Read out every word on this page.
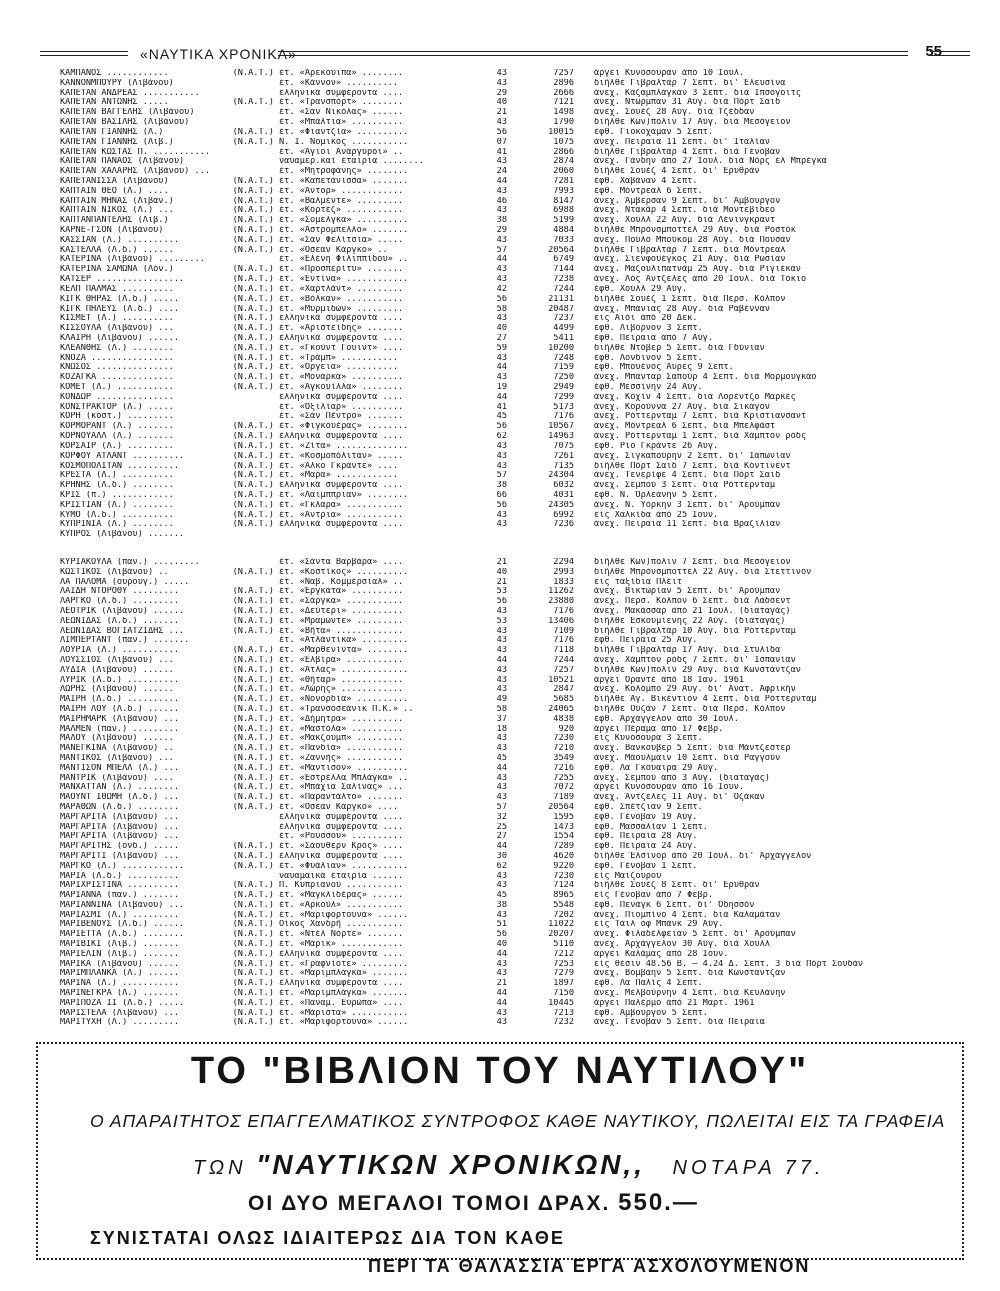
«ΝΑΥΤΙΚΑ ΧΡΟΝΙΚΑ»	55
ΚΑΜΠΑΝΟΣ ............	(Ν.Α.Τ.) ἐτ. «Ἀρεκούϊπα» ........	43	7257 ἀργεῖ Κυνόσουραν ἀπὸ 10 Ἰουλ.
ΚΑΝΝΟΝΜΠΟΥΡΥ (Λιβάνου)	ἐτ. «Κάννον» ..........	43	2896 διῆλθε Γιβραλτὰρ 7 Σεπτ. δι' Ἐλευσίνα
ΚΑΠΕΤΑΝ ΑΝΔΡΕΑΣ ...........	ἑλληνικὰ συμφέροντα ....	29	2666 ἀνεχ. Καζαμπλάγκαν 3 Σεπτ. διὰ Ἰπσογοΐτς
ΚΑΠΕΤΑΝ ΑΝΤΩΝΗΣ .....	(Ν.Α.Τ.) ἐτ. «Τρανσπόρτ» ........	40	7121 ἀνεχ. Ντῶρμπαν 31 Αὐγ. διὰ Πὸρτ Σαΐδ
ΚΑΠΕΤΑΝ ΒΑΓΓΕΛΗΣ (Λιβάνου)	ἐτ. «Σὰν Νικόλας» ......	21	1498 ἀνεχ. Σουὲζ 28 Αὐγ. διὰ Τζέδδαν
ΚΑΠΕΤΑΝ ΒΑΣΙΛΗΣ (Λιβάνου)	ἐτ. «Μπάλτια» ..........	43	1790 διῆλθε Κων)πολιν 17 Αὐγ. διὰ Μεσόγειον
ΚΑΠΕΤΑΝ ΓΙΑΝΝΗΣ (Λ.)	(Ν.Α.Τ.) ἐτ. «Φιαντζία» ..........	56	10015 ἐφθ. Γιοκοχάμαν 5 Σεπτ.
ΚΑΠΕΤΑΝ ΓΙΑΝΝΗΣ (Λιβ.)	(Ν.Α.Τ.) Ν. Ι. Νομικὸς ...........	07	1075 ἀνεχ. Πειραιᾶ 11 Σεπτ. δι' Ἰταλίαν
ΚΑΠΕΤΑΝ ΚΩΣΤΑΣ Π. ...........	ἐτ. «Ἅγιοι Ἀνάργυροι» ..	41	2866 διῆλθε Γιβραλτὰρ 4 Σεπτ. διὰ Γένοβαν
ΚΑΠΕΤΑΝ ΠΑΝΑΟΣ (Λιβάνου)	ναυαμερ.καὶ ἐταιρία ........	43	2874 ἀνεχ. Γάνδην ἀπὸ 27 Ἰουλ. διὰ Νὸρς ἐλ Μπρέγκα
ΚΑΠΕΤΑΝ ΧΑΛΑΡΗΣ (Λιβάνου) ...	ἐτ. «Μητροφάνης» ........	24	2060 διῆλθε Σουὲζ 4 Σεπτ. δι' Ἐρυθρὰν
ΚΑΠΕΤΑΝΙΣΣΑ (Λιβάνου)	(Ν.Α.Τ.) ἐτ. «Καπετάνισσα» .......	44	7281 ἐφθ. Χαβάναν 4 Σεπτ.
ΚΑΠΤΑΙΝ ΘΕΟ (Λ.) ....	(Ν.Α.Τ.) ἐτ. «Ἄντορ» ............	43	7993 ἐφθ. Μόντρεαλ 6 Σεπτ.
ΚΑΠΤΑΙΝ ΜΗΝΑΣ (Λιβάν.)	(Ν.Α.Τ.) ἐτ. «Βαλμέντε» .........	46	8147 ἀνεχ. Ἄμβερσαν 9 Σεπτ. δι' Ἀμβοῦργον
ΚΑΠΤΑΙΝ ΝΙΚΟΣ (Λ.) ...	(Ν.Α.Τ.) ἐτ. «Κορτέζ» ...........	43	6988 ἀνεχ. Ντακὰρ 4 Σεπτ. διὰ Μοντεβίδεο
ΚΑΠΤΑΝΠΑΝΤΕΛΗΣ (Λιβ.)	(Ν.Α.Τ.) ἐτ. «Σομελγκα» ..........	38	5199 ἀνεχ. Χοὐλλ 22 Αὐγ. διὰ Λένινγκραντ
ΚΑΡΝΕ-ΓΣΟΝ (Λιβάνου)	(Ν.Α.Τ.) ἐτ. «Ἀστρομπελλο» .......	29	4884 διῆλθε Μπρόνσμποττελ 29 Αὐγ. διὰ Ροστὸκ
ΚΑΣΣΙΑΝ (Λ.) ..........	(Ν.Α.Τ.) ἐτ. «Σὰν Φελίτσια» .....	43	7033 ἀνεχ. Πούλο Μπούκομ 28 Αὐγ. διὰ Πουσὰν
ΚΑΣΤΕΛΛΑ (Λ.δ.) ......	(Ν.Α.Τ.) ἐτ. «Ὄσεαν Κάργκο» ..	57	20564 διῆλθε Γιβραλτὰρ 7 Σεπτ. διὰ Μόντρεαλ
ΚΑΤΕΡΙΝΑ (Λιβάνου) .........	ἐτ. «Ἐλένη Φιλιππίδου» ..	44	6749 ἀνεχ. Σιενφουέγκος 21 Αὐγ. διὰ Ρωσίαν
ΚΑΤΕΡΙΝΑ ΣΑΜΩΝΑ (Λόν.)	(Ν.Α.Τ.) ἐτ. «Προσπερίτυ» .......	43	7144 ἀνεχ. Μαζουλιπατνὰμ 25 Αὐγ. διὰ Ριγιέκαν
ΚΑΤΣΕΡ .................	(Ν.Α.Τ.) ἐτ. «Ἐντίνα» ............	43	7238 ἀνεχ. Λὸς Ἄντζελες ἀπὸ 20 Ἰουλ. διὰ Τόκιο
ΚΕΛΠ ΠΑΛΜΑΣ ..........	(Ν.Α.Τ.) ἐτ. «Χαρτλάντ» .........	42	7244 ἐφθ. Χοὐλλ 29 Αὐγ.
ΚΙΓΚ ΘΗΡΑΣ (Λ.δ.) .....	(Ν.Α.Τ.) ἐτ. «Βόλκαν» ...........	56	21131 διῆλθε Σουὲζ 1 Σεπτ. διὰ Περσ. Κόλπον
ΚΙΓΚ ΠΗΛΕΥΣ (Λ.δ.) ....	(Ν.Α.Τ.) ἐτ. «Μυρμιδὼν» .........	58	20487 ἀνεχ. Μπάνιας 28 Αὐγ. διὰ Ραβένναν
ΚΙΣΜΕΤ (Λ.) ..........	(Ν.Α.Τ.) ἑλληνικὰ συμφέροντα ....	43	7237 εἰς Ἀϊὸϊ ἀπὸ 20 Δεκ.
ΚΙΣΣΟΥΛΑ (Λιβάνου) ...	(Ν.Α.Τ.) ἐτ. «Ἀριστείδης» .......	40	4499 ἐφθ. Λιβόρνον 3 Σεπτ.
ΚΛΑΙΡΗ (Λιβάνου) ......	(Ν.Α.Τ.) ἑλληνικὰ συμφέροντα ....	27	5411 ἐφθ. Πειραιᾶ ἀπὸ 7 Αὐγ.
ΚΛΕΑΝΘΗΣ (Λ.) ........	(Ν.Α.Τ.) ἐτ. «Γκοὺντ Γουϊντ» ....	59	10200 διῆλθε Ντόβερ 5 Σεπτ. διὰ Γδύνιαν
ΚΝΟΖΑ ................	(Ν.Α.Τ.) ἐτ. «Τράμπ» ...........	43	7248 ἐφθ. Λονδῖνον 5 Σεπτ.
ΚΝΩΣΟΣ ...............	(Ν.Α.Τ.) ἐτ. «Ὀργεια» ..........	44	7159 ἐφθ. Μπουένος Ἄϋρες 9 Σεπτ.
ΚΟΖΑΓΚΑ ..............	(Ν.Α.Τ.) ἐτ. «Μονάρκα» ..........	43	7250 ἀνεχ. Μπανταρ Σαποὺρ 4 Σεπτ. διὰ Μορμουγκάο
ΚΟΜΕΤ (Λ.) ...........	(Ν.Α.Τ.) ἐτ. «Ἀγκουίλλα» ........	19	2949 ἐφθ. Μεσσίνην 24 Αὐγ.
ΚΟΝΔΩΡ ...............	ἑλληνικὰ συμφέροντα ....	44	7299 ἀνεχ. Κοχὶν 4 Σεπτ. διὰ Λορέντζο Μαρκὲς
ΚΟΝΣΤΡΑΚΤΟΡ (Λ.) .....	ἐτ. «Ὀξιλίαρ» ..........	41	5173 ἀνεχ. Κορούννα 27 Αὐγ. διὰ Σικάγον
ΚΟΡΗ (κοστ.) .........	ἐτ. «Σὰν Πέντρο» .......	45	7176 ἀνεχ. Ρόττερνταμ 7 Σεπτ. διὰ Κριστιανσαντ
ΚΟΡΜΟΡΑΝΤ (Λ.) .......	(Ν.Α.Τ.) ἐτ. «Φιγκουέρας» ........	56	10567 ἀνεχ. Μόντρεαλ 6 Σεπτ. διὰ Μπελφάστ
ΚΟΡΝΟΥΑΛΛ (Λ.) .......	(Ν.Α.Τ.) ἑλληνικὰ συμφέροντα ....	62	14963 ἀνεχ. Ρόττερνταμ 1 Σεπτ. διὰ Χάμπτον ρόδς
ΚΟΡΣΑΙΡ (Λ.) .........	(Ν.Α.Τ.) ἐτ. «Ζίτα» ..............	43	7075 ἐφθ. Ρίο Γκράντε 26 Αὐγ.
ΚΟΡΦΟΥ ΑΤΛΑΝΤ ..........	(Ν.Α.Τ.) ἐτ. «Κοσμοπόλιταν» .....	43	7261 ἀνεχ. Σιγκαπούρην 2 Σεπτ. δι' Ἰαπωνίαν
ΚΟΣΜΟΠΟΛΙΤΑΝ ..........	(Ν.Α.Τ.) ἐτ. «Ἄλκο Γκράντε» ....	43	7135 διῆλθε Πὸρτ Σαΐδ 7 Σεπτ. διὰ Κόντινεντ
ΚΡΕΣΤΑ (Λ.) ..........	(Ν.Α.Τ.) ἐτ. «Μαρα» ............	57	24304 ἀνεχ. Τενερίφε 4 Σεπτ. διὰ Πὸρτ Σαΐδ
ΚΡΗΝΗΣ (Λ.δ.) ........	(Ν.Α.Τ.) ἑλληνικὰ συμφέροντα ....	38	6032 ἀνεχ. Σεμπού 3 Σεπτ. διὰ Ρόττερνταμ
ΚΡΙΣ (π.) ............	(Ν.Α.Τ.) ἐτ. «Λαιμππριαν» ........	66	4031 ἐφθ. Ν. Ὀρλεάνην 5 Σεπτ.
ΚΡΙΣΤΙΑΝ (Λ.) ........	(Ν.Α.Τ.) ἐτ. «Γκλάρα» ...........	56	24305 ἀνεχ. Ν. Ὑόρκην 3 Σεπτ. δι' Ἀρούμπαν
ΚΥΜΟ (Λ.δ.) ..........	(Ν.Α.Τ.) ἐτ. «Ἀντρια» ...........	43	6992 εἰς Χαλκίδα ἀπὸ 25 Ἰουν.
ΚΥΠΡΙΝΙΑ (Λ.) ........	(Ν.Α.Τ.) ἑλληνικὰ συμφέροντα ....	43	7236 ἀνεχ. Πειραιᾶ 11 Σεπτ. διὰ Βραζιλίαν
ΚΥΠΡΟΣ (Λιβάνου) .......
ΚΥΡΙΑΚΟΥΛΑ (παν.) .........	ἐτ. «Σάντα Βαρβάρα» ....	21	2294 διῆλθε Κων)πολιν 7 Σεπτ. διὰ Μεσόγειον
ΚΩΣΤΙΚΟΣ (Λιβάνου) ..	(Ν.Α.Τ.) ἐτ. «Κοστίκος» ..........	40	2993 διῆλθε Μπρόνσμποττελ 22 Αὐγ. διὰ Στεττῖνον
ΛΑ ΠΑΛΟΜΑ (ουρουγ.) .....	ἐτ. «Ναβ. Κομμέρσιαλ» ..	21	1833 εἰς ταξίδια Πλέϊτ
ΛΑΙΔΗ ΝΤΟΡΟΘΥ .........	(Ν.Α.Τ.) ἐτ. «Ἐργκάτα» ..........	53	11262 ἀνεχ. Βικτώρίαν 5 Σεπτ. δι' Ἀρούμπαν
ΛΑΡΓΚΟ (Λ.δ.) .........	(Ν.Α.Τ.) ἐτ. «Σάργκα» ...........	56	23880 ἀνεχ. Περσ. Κόλπον 6 Σεπτ. διὰ Λάδσεντ
ΛΕΟΤΡΙΚ (Λιβάνου) ......	(Ν.Α.Τ.) ἐτ. «Δεύτερι» ..........	43	7176 ἀνεχ. Μακάσσαρ ἀπὸ 21 Ἰουλ. (διαταγὰς)
ΛΕΩΝΙΔΑΣ (Λ.δ.) .......	(Ν.Α.Τ.) ἐτ. «Μραμώντε» .........	53	13406 διῆλθε Ἐσκουμίενης 22 Αὐγ. (διαταγὰς)
ΛΕΩΝΙΔΑΣ ΒΟΓΙΑΤΖΙΔΗΣ ...	(Ν.Α.Τ.) ἐτ. «Βῆτα» .............	43	7109 διῆλθε Γιβραλτὰρ 10 Αὐγ. διὰ Ρόττερνταμ
ΛΙΜΠΕΡΤΑΝΤ (παν.) .......	ἐτ. «Ἀτλάντικα» .........	43	7176 ἐφθ. Πειραιᾶ 25 Αὐγ.
ΛΟΥΡΙΑ (Λ.) ...........	(Ν.Α.Τ.) ἐτ. «Μαρθενίντα» ........	43	7118 διῆλθε Γιβραλτὰρ 17 Αὐγ. διὰ Στυλίδα
ΛΟΥΣΣΙΟΣ (Λιβάνου) ...	(Ν.Α.Τ.) ἐτ. «Ἐλβίρα» ...........	44	7244 ἀνεχ. Χάμπτον ρόδς 7 Σεπτ. δι' Ἰσπανίαν
ΛΥΔΙΑ (Λιβάνου) ......	(Ν.Α.Τ.) ἐτ. «Ἄτλας» .............	43	7257 διῆλθε Κων)πολιν 29 Αὐγ. διὰ Κωνστάντζαν
ΛΥΡΙΚ (Λ.δ.) ..........	(Ν.Α.Τ.) ἐτ. «Θῆταρ» ............	43	10521 ἀργεῖ Ὀραντὲ ἀπὸ 18 Ἰαν. 1961
ΛΩΡΗΣ (Λιβάνου) ......	(Ν.Α.Τ.) ἐτ. «Λώρης» ............	43	2847 ἀνεχ. Κολόμπο 29 Αὐγ. δι' Ἀνατ. Ἀφρικὴν
ΜΑΙΡΗ (Λ.δ.) ..........	(Ν.Α.Τ.) ἐτ. «Νονορδία» ..........	49	5685 διῆλθε Ἅγ. Βικέντιον 4 Σεπτ. διὰ Ρόττερνταμ
ΜΑΙΡΗ ΛΟΥ (Λ.δ.) ......	(Ν.Α.Τ.) ἐτ. «Τρανσοσεάνικ Π.Κ.» ..	58	24065 διῆλθε Οὐζὰν 7 Σεπτ. διὰ Περσ. Κόλπον
ΜΑΙΡΗΜΑΡΚ (Λιβάνου) ...	(Ν.Α.Τ.) ἐτ. «Δήμητρα» ..........	37	4838 ἐφθ. Ἀρχάγγελον ἀπὸ 30 Ἰουλ.
ΜΑΛΜΕΝ (παν.) .........	(Ν.Α.Τ.) ἐτ. «Μαστόλα» ..........	18	920 ἀργεῖ Πέραμα ἀπὸ 17 Φεβρ.
ΜΑΛΟΥ (Λιβάνου) ......	(Ν.Α.Τ.) ἐτ. «Μακζουμπ» .........	43	7230 εἰς Κυνόσουρα 3 Σεπτ.
ΜΑΝΕΓΚΙΝΑ (Λιβάνου) ..	(Ν.Α.Τ.) ἐτ. «Πανδία» ...........	43	7210 ἀνεχ. Βανκοῦβερ 5 Σεπτ. διὰ Μάντζεστερ
ΜΑΝΤΙΚΟΣ (Λιβάνου) ...	(Ν.Α.Τ.) ἐτ. «Ζαννής» ...........	45	3549 ἀνεχ. Μάουλμαιν 10 Σεπτ. διὰ Ραγγοὺν
ΜΑΝΤΙΣΟΝ ΜΠΕΛΛ (Λ.) ...	(Ν.Α.Τ.) ἐτ. «Μαντισον» ..........	44	7216 ἐφθ. Λᾶ Γκουαϊρα 29 Αὐγ.
ΜΑΝΤΡΙΚ (Λιβάνου) ....	(Ν.Α.Τ.) ἐτ. «Ἐστρέλλα Μπλάγκα» ..	43	7255 ἀνεχ. Σεμπού ἀπὸ 3 Αὐγ. (διαταγὰς)
ΜΑΝΧΑΤΤΑΝ (Λ.) ........	(Ν.Α.Τ.) ἐτ. «Μπάχια Σαλίνας» ...	43	7072 ἀργεῖ Κυνόσουραν ἀπὸ 16 Ἰουν.
ΜΑΟΥΝΤ ΙΘΩΜΗ (Λ.δ.) ...	(Ν.Α.Τ.) ἐτ. «Παραντάλτο» .......	43	7189 ἀνεχ. Ἄντζελες 11 Αὐγ. δι' Ὀζάκαν
ΜΑΡΑΘΩΝ (Λ.δ.) ........	(Ν.Α.Τ.) ἐτ. «Ὄσεαν Κάργκο» ....	57	20564 ἐφθ. Σπέτζιαν 9 Σεπτ.
ΜΑΡΓΑΡΙΤΑ (Λιβάνου) ...	ἑλληνικὰ συμφέροντα ....	32	1595 ἐφθ. Γένοβαν 19 Αὐγ.
ΜΑΡΓΑΡΙΤΑ (Λιβάνου) ...	ἑλληνικὰ συμφέροντα ....	25	1473 ἐφθ. Μασσαλίαν 1 Σεπτ.
ΜΑΡΓΑΡΙΤΑ (Λιβάνου) ...	ἐτ. «Ρουσσου» ..........	27	1554 ἐφθ. Πειραιᾶ 28 Αὐγ.
ΜΑΡΓΑΡΙΤΗΣ (ονδ.) .....	(Ν.Α.Τ.) ἐτ. «Σάουθερν Κρός» ....	44	7289 ἐφθ. Πειραιᾶ 24 Αὐγ.
ΜΑΡΓΑΡΙΤΙ (Λιβάνου) ...	(Ν.Α.Τ.) ἑλληνικὰ συμφέροντα ....	30	4620 διῆλθε Ἔλσινορ ἀπὸ 20 Ἰουλ. δι' Ἀρχάγγελον
ΜΑΡΓΚΟ (Λ.) ............	(Ν.Α.Τ.) ἐτ. «Φυάλιαν» ...........	62	9220 ἐφθ. Γένοβαν 1 Σεπτ.
ΜΑΡΙΑ (Λ.δ.) ..........	ναυαμαϊκὰ ἐταιρία ......	43	7230 εἰς Μαΐζουρου
ΜΑΡΙΧΡΙΣΤΙΝΑ ..........	(Ν.Α.Τ.) Π. Κυπριανοῦ ...........	43	7124 διῆλθε Σουὲζ 8 Σεπτ. δι' Ἐρυθρὰν
ΜΑΡΙΑΝΝΑ (παν.) .......	(Ν.Α.Τ.) ἐτ. «Μαγκλιδέρας» ......	45	8965 εἰς Γένοβαν ἀπὸ 7 Φεβρ.
ΜΑΡΙΑΝΝΙΝΑ (Λιβάνου) ...	(Ν.Α.Τ.) ἐτ. «Ἀρκούλ» ...........	38	5548 ἐφθ. Πενὰγκ 6 Σεπτ. δι' Ὀδησσὸν
ΜΑΡΙΑΣΜΙ (Λ.) .........	(Ν.Α.Τ.) ἐτ. «Μαριφορτοῦνα» ......	43	7202 ἀνεχ. Πιομπίνο 4 Σεπτ. διὰ Καλαμάταν
ΜΑΡΙΒΕΝΟΥΣ (Λ.δ.) ......	(Ν.Α.Τ.) Οἶκος Χανδρῆ ...........	51	11022 εἰς Τάϊλ ὀφ Μπάνκ 29 Αὐγ.
ΜΑΡΙΕΤΤΑ (Λ.δ.) ........	(Ν.Α.Τ.) ἐτ. «Ντέλ Νόρτε» .......	56	20207 ἀνεχ. Φιλαδέλφειαν 5 Σεπτ. δι' Ἀρούμπαν
ΜΑΡΙΒΙΚΙ (Λιβ.) .......	(Ν.Α.Τ.) ἐτ. «Μάρικ» ............	40	5110 ἀνεχ. Ἀρχάγγελον 30 Αὐγ. διὰ Χοὐλλ
ΜΑΡΙΕΛΙΝ (Λιβ.) .......	(Ν.Α.Τ.) ἑλληνικὰ συμφέροντα ....	44	7212 ἀργεῖ Καλάμας ἀπὸ 28 Ἰουν.
ΜΑΡΙΚΑ (Λιβάνου) ......	(Ν.Α.Τ.) ἐτ. «Γραφνίοτε» .........	43	7253 εἰς θέσιν 48.56 Β. — 4.24 Δ. Σεπτ. 3 διὰ Πὸρτ Σουδὰν
ΜΑΡΙΜΠΛΑΝΚΑ (Λ.) ......	(Ν.Α.Τ.) ἐτ. «Μαριμπλάγκα» .......	43	7279 ἀνεχ. Βομβάην 5 Σεπτ. διὰ Κωνσταντζαν
ΜΑΡΙΝΑ (Λ.) ...........	(Ν.Α.Τ.) ἑλληνικὰ συμφέροντα ....	21	1897 ἐφθ. Λᾶ Παλὶς 4 Σεπτ.
ΜΑΡΙΝΕΓΚΡΑ (Λ.) .......	(Ν.Α.Τ.) ἐτ. «Μαριμπλάγκα» .......	44	7150 ἀνεχ. Μελβούρνην 4 Σεπτ. διὰ Κεϋλάνην
ΜΑΡΙΠΟΖΑ ΙΙ (Λ.δ.) .....	(Ν.Α.Τ.) ἐτ. «Παναμ. Εὐρώπα» ....	44	10445 ἀργεῖ Παλέρμο ἀπὸ 21 Μαρτ. 1961
ΜΑΡΙΣΤΕΛΑ (Λιβάνου) ...	(Ν.Α.Τ.) ἐτ. «Μάριστα» ...........	43	7213 ἐφθ. Ἀμβοῦργον 5 Σεπτ.
ΜΑΡΙΤΥΧΗ (Λ.) .........	(Ν.Α.Τ.) ἐτ. «Μαριφορτοῦνα» ......	43	7232 ἀνεχ. Γένοβαν 5 Σεπτ. διὰ Πειραιᾶ
ΤΟ "ΒΙΒΛΙΟΝ ΤΟΥ ΝΑΥΤΙΛΟΥ"
Ο ΑΠΑΡΑΙΤΗΤΟΣ ΕΠΑΓΓΕΛΜΑΤΙΚΟΣ ΣΥΝΤΡΟΦΟΣ ΚΑΘΕ ΝΑΥΤΙΚΟΥ, ΠΩΛΕΙΤΑΙ ΕΙΣ ΤΑ ΓΡΑΦΕΙΑ
ΤΩΝ "ΝΑΥΤΙΚΩΝ ΧΡΟΝΙΚΩΝ,, ΝΟΤΑΡΑ 77.
ΟΙ ΔΥΟ ΜΕΓΑΛΟΙ ΤΟΜΟΙ ΔΡΑΧ. 550.—
ΣΥΝΙΣΤΑΤΑΙ ΟΛΩΣ ΙΔΙΑΙΤΕΡΩΣ ΔΙΑ ΤΟΝ ΚΑΘΕ
ΠΕΡΙ ΤΑ ΘΑΛΑΣΣΙΑ ΕΡΓΑ ΑΣΧΟΛΟΥΜΕΝΟΝ
